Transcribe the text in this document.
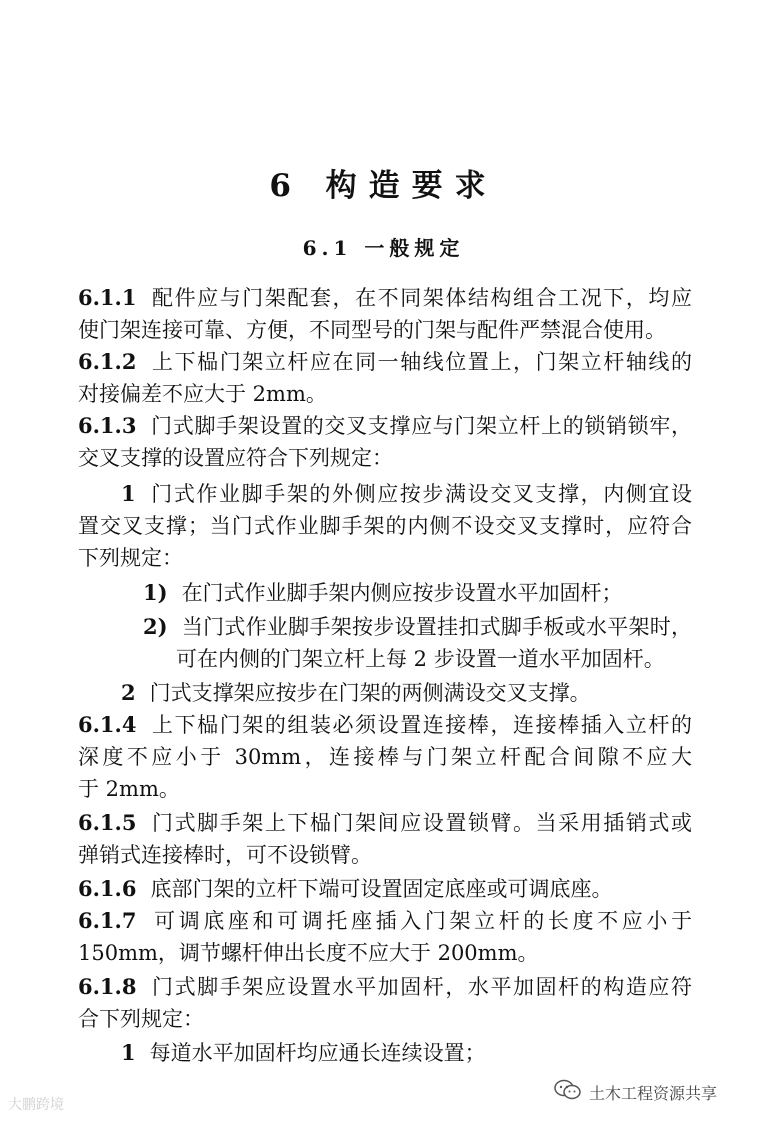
6 构造要求
6.1 一般规定
6.1.1 配件应与门架配套，在不同架体结构组合工况下，均应
使门架连接可靠、方便，不同型号的门架与配件严禁混合使用。
6.1.2 上下榀门架立杆应在同一轴线位置上，门架立杆轴线的
对接偏差不应大于 2mm。
6.1.3 门式脚手架设置的交叉支撑应与门架立杆上的锁销锁牢，
交叉支撑的设置应符合下列规定：
1 门式作业脚手架的外侧应按步满设交叉支撑，内侧宜设
置交叉支撑；当门式作业脚手架的内侧不设交叉支撑时，应符合
下列规定：
1) 在门式作业脚手架内侧应按步设置水平加固杆；
2) 当门式作业脚手架按步设置挂扣式脚手板或水平架时，
可在内侧的门架立杆上每 2 步设置一道水平加固杆。
2 门式支撑架应按步在门架的两侧满设交叉支撑。
6.1.4 上下榀门架的组装必须设置连接棒，连接棒插入立杆的
深度不应小于 30mm，连接棒与门架立杆配合间隙不应大
于 2mm。
6.1.5 门式脚手架上下榀门架间应设置锁臂。当采用插销式或
弹销式连接棒时，可不设锁臂。
6.1.6 底部门架的立杆下端可设置固定底座或可调底座。
6.1.7 可调底座和可调托座插入门架立杆的长度不应小于
150mm，调节螺杆伸出长度不应大于 200mm。
6.1.8 门式脚手架应设置水平加固杆，水平加固杆的构造应符
合下列规定：
1 每道水平加固杆均应通长连续设置；
大鹏跨境
土木工程资源共享
